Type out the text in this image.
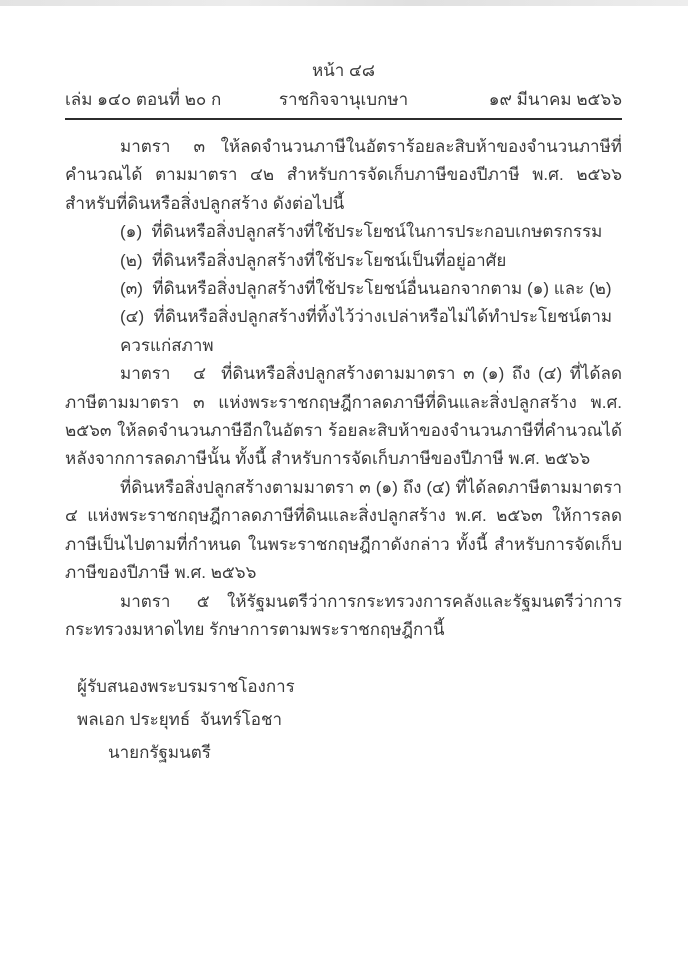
หน้า ๔๘
เล่ม ๑๔๐ ตอนที่ ๒๐ ก	ราชกิจจานุเบกษา	๑๙ มีนาคม ๒๕๖๖

มาตรา   ๓  ให้ลดจำนวนภาษีในอัตราร้อยละสิบห้าของจำนวนภาษีที่คำนวณได้ ตามมาตรา ๔๒ สำหรับการจัดเก็บภาษีของปีภาษี พ.ศ. ๒๕๖๖ สำหรับที่ดินหรือสิ่งปลูกสร้าง ดังต่อไปนี้

(๑)  ที่ดินหรือสิ่งปลูกสร้างที่ใช้ประโยชน์ในการประกอบเกษตรกรรม

(๒)  ที่ดินหรือสิ่งปลูกสร้างที่ใช้ประโยชน์เป็นที่อยู่อาศัย

(๓)  ที่ดินหรือสิ่งปลูกสร้างที่ใช้ประโยชน์อื่นนอกจากตาม (๑) และ (๒)

(๔)  ที่ดินหรือสิ่งปลูกสร้างที่ทิ้งไว้ว่างเปล่าหรือไม่ได้ทำประโยชน์ตามควรแก่สภาพ

มาตรา   ๔  ที่ดินหรือสิ่งปลูกสร้างตามมาตรา ๓ (๑) ถึง (๔) ที่ได้ลดภาษีตามมาตรา ๓ แห่งพระราชกฤษฎีกาลดภาษีที่ดินและสิ่งปลูกสร้าง พ.ศ. ๒๕๖๓ ให้ลดจำนวนภาษีอีกในอัตรา ร้อยละสิบห้าของจำนวนภาษีที่คำนวณได้หลังจากการลดภาษีนั้น ทั้งนี้ สำหรับการจัดเก็บภาษีของปีภาษี พ.ศ. ๒๕๖๖

ที่ดินหรือสิ่งปลูกสร้างตามมาตรา ๓ (๑) ถึง (๔) ที่ได้ลดภาษีตามมาตรา ๔ แห่งพระราชกฤษฎีกาลดภาษีที่ดินและสิ่งปลูกสร้าง พ.ศ. ๒๕๖๓ ให้การลดภาษีเป็นไปตามที่กำหนด ในพระราชกฤษฎีกาดังกล่าว ทั้งนี้ สำหรับการจัดเก็บภาษีของปีภาษี พ.ศ. ๒๕๖๖

มาตรา   ๕  ให้รัฐมนตรีว่าการกระทรวงการคลังและรัฐมนตรีว่าการกระทรวงมหาดไทย รักษาการตามพระราชกฤษฎีกานี้

ผู้รับสนองพระบรมราชโองการ
พลเอก ประยุทธ์  จันทร์โอชา
นายกรัฐมนตรี
